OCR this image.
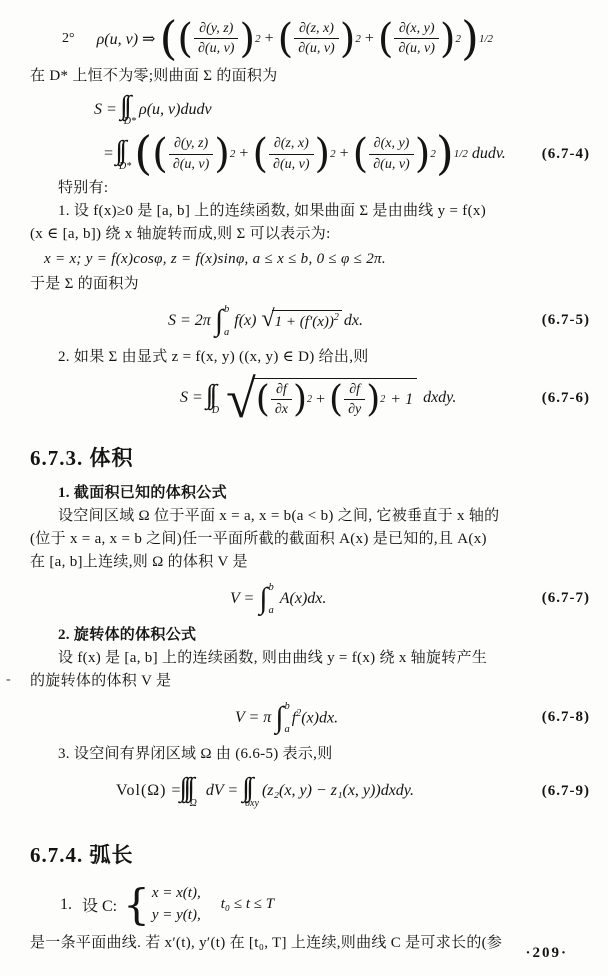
2° ρ(u, v) ⇒ ( ( $\frac{\partial(y, z)}{\partial(u, v)}$ ) 2 + ( $\frac{\partial(z, x)}{\partial(u, v)}$ ) 2 + ( $\frac{\partial(x, y)}{\partial(u, v)}$ ) 2 ) 1/2
在 D* 上恒不为零;则曲面 Σ 的面积为
S =
D*
ρ(u, v)dudv
=
D* ( ( $\frac{\partial(y, z)}{\partial(u, v)}$ ) 2 + ( $\frac{\partial(z, x)}{\partial(u, v)}$ ) 2 + ( $\frac{\partial(x, y)}{\partial(u, v)}$ ) 2 ) 1/2 dudv. (6.7-4)
特别有:
1. 设 f(x)≥0 是 [a, b] 上的连续函数, 如果曲面 Σ 是由曲线 y = f(x)
(x ∈ [a, b]) 绕 x 轴旋转而成,则 Σ 可以表示为:
x = x; y = f(x)cosφ, z = f(x)sinφ, a ≤ x ≤ b, 0 ≤ φ ≤ 2π.
于是 Σ 的面积为
S = 2π ∫ b
a
f(x) √ $1 + (f'(x))^2$ dx.	(6.7-5)
2. 如果 Σ 由显式 z = f(x, y) ((x, y) ∈ D) 给出,则
S =
D √ ( $\frac{\partial f}{\partial x}$ ) 2 + ( $\frac{\partial f}{\partial y}$ ) 2 + 1 dxdy.	(6.7-6)
6.7.3. 体积
1. 截面积已知的体积公式
设空间区域 Ω 位于平面 x = a, x = b(a < b) 之间, 它被垂直于 x 轴的
(位于 x = a, x = b 之间)任一平面所截的截面积 A(x) 是已知的,且 A(x)
在 [a, b]上连续,则 Ω 的体积 V 是
V = ∫ b
a
A(x)dx.	(6.7-7)
2. 旋转体的体积公式
设 f(x) 是 [a, b] 上的连续函数, 则由曲线 y = f(x) 绕 x 轴旋转产生
的旋转体的体积 V 是
V = π ∫ b
a
$f^2(x)dx$.	(6.7-8)
3. 设空间有界闭区域 Ω 由 (6.6-5) 表示,则
Vol(Ω) =
Ω
dV =
σxy
(z₂(x, y) − z₁(x, y))dxdy.	(6.7-9)
6.7.4. 弧长
1. 设 C: { x = x(t),
y = y(t),
t₀ ≤ t ≤ T
是一条平面曲线. 若 x′(t), y′(t) 在 [t₀, T] 上连续,则曲线 C 是可求长的(参
-
·209·
